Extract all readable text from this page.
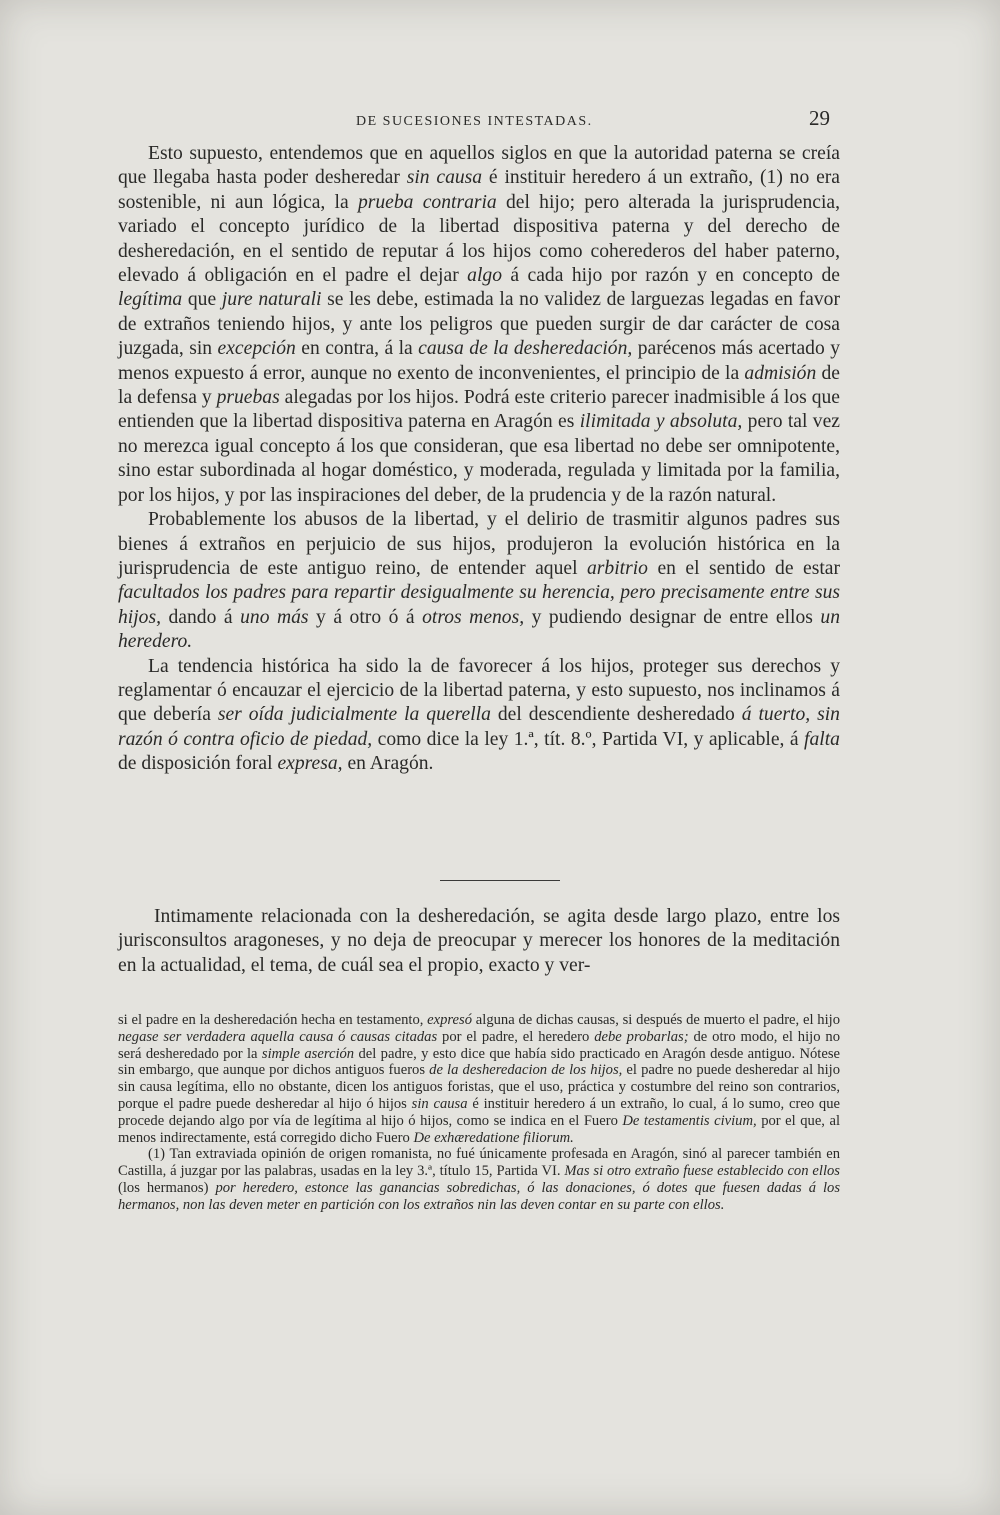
DE SUCESIONES INTESTADAS.	29

Esto supuesto, entendemos que en aquellos siglos en que la autoridad paterna se creía que llegaba hasta poder desheredar sin causa é instituir heredero á un extraño, (1) no era sostenible, ni aun lógica, la prueba contraria del hijo; pero alterada la jurisprudencia, variado el concepto jurídico de la libertad dispositiva paterna y del derecho de desheredación, en el sentido de reputar á los hijos como coherederos del haber paterno, elevado á obligación en el padre el dejar algo á cada hijo por razón y en concepto de legítima que jure naturali se les debe, estimada la no validez de larguezas legadas en favor de extraños teniendo hijos, y ante los peligros que pueden surgir de dar carácter de cosa juzgada, sin excepción en contra, á la causa de la desheredación, parécenos más acertado y menos expuesto á error, aunque no exento de inconvenientes, el principio de la admisión de la defensa y pruebas alegadas por los hijos. Podrá este criterio parecer inadmisible á los que entienden que la libertad dispositiva paterna en Aragón es ilimitada y absoluta, pero tal vez no merezca igual concepto á los que consideran, que esa libertad no debe ser omnipotente, sino estar subordinada al hogar doméstico, y moderada, regulada y limitada por la familia, por los hijos, y por las inspiraciones del deber, de la prudencia y de la razón natural.

Probablemente los abusos de la libertad, y el delirio de trasmitir algunos padres sus bienes á extraños en perjuicio de sus hijos, produjeron la evolución histórica en la jurisprudencia de este antiguo reino, de entender aquel arbitrio en el sentido de estar facultados los padres para repartir desigualmente su herencia, pero precisamente entre sus hijos, dando á uno más y á otro ó á otros menos, y pudiendo designar de entre ellos un heredero.

La tendencia histórica ha sido la de favorecer á los hijos, proteger sus derechos y reglamentar ó encauzar el ejercicio de la libertad paterna, y esto supuesto, nos inclinamos á que debería ser oída judicialmente la querella del descendiente desheredado á tuerto, sin razón ó contra oficio de piedad, como dice la ley 1.ª, tít. 8.º, Partida VI, y aplicable, á falta de disposición foral expresa, en Aragón.

Intimamente relacionada con la desheredación, se agita desde largo plazo, entre los jurisconsultos aragoneses, y no deja de preocupar y merecer los honores de la meditación en la actualidad, el tema, de cuál sea el propio, exacto y ver-

si el padre en la desheredación hecha en testamento, expresó alguna de dichas causas, si después de muerto el padre, el hijo negase ser verdadera aquella causa ó causas citadas por el padre, el heredero debe probarlas; de otro modo, el hijo no será desheredado por la simple aserción del padre, y esto dice que había sido practicado en Aragón desde antiguo. Nótese sin embargo, que aunque por dichos antiguos fueros de la desheredacion de los hijos, el padre no puede desheredar al hijo sin causa legítima, ello no obstante, dicen los antiguos foristas, que el uso, práctica y costumbre del reino son contrarios, porque el padre puede desheredar al hijo ó hijos sin causa é instituir heredero á un extraño, lo cual, á lo sumo, creo que procede dejando algo por vía de legítima al hijo ó hijos, como se indica en el Fuero De testamentis civium, por el que, al menos indirectamente, está corregido dicho Fuero De exhæredatione filiorum.

(1) Tan extraviada opinión de origen romanista, no fué únicamente profesada en Aragón, sinó al parecer también en Castilla, á juzgar por las palabras, usadas en la ley 3.ª, título 15, Partida VI. Mas si otro extraño fuese establecido con ellos (los hermanos) por heredero, estonce las ganancias sobredichas, ó las donaciones, ó dotes que fuesen dadas á los hermanos, non las deven meter en partición con los extraños nin las deven contar en su parte con ellos.
